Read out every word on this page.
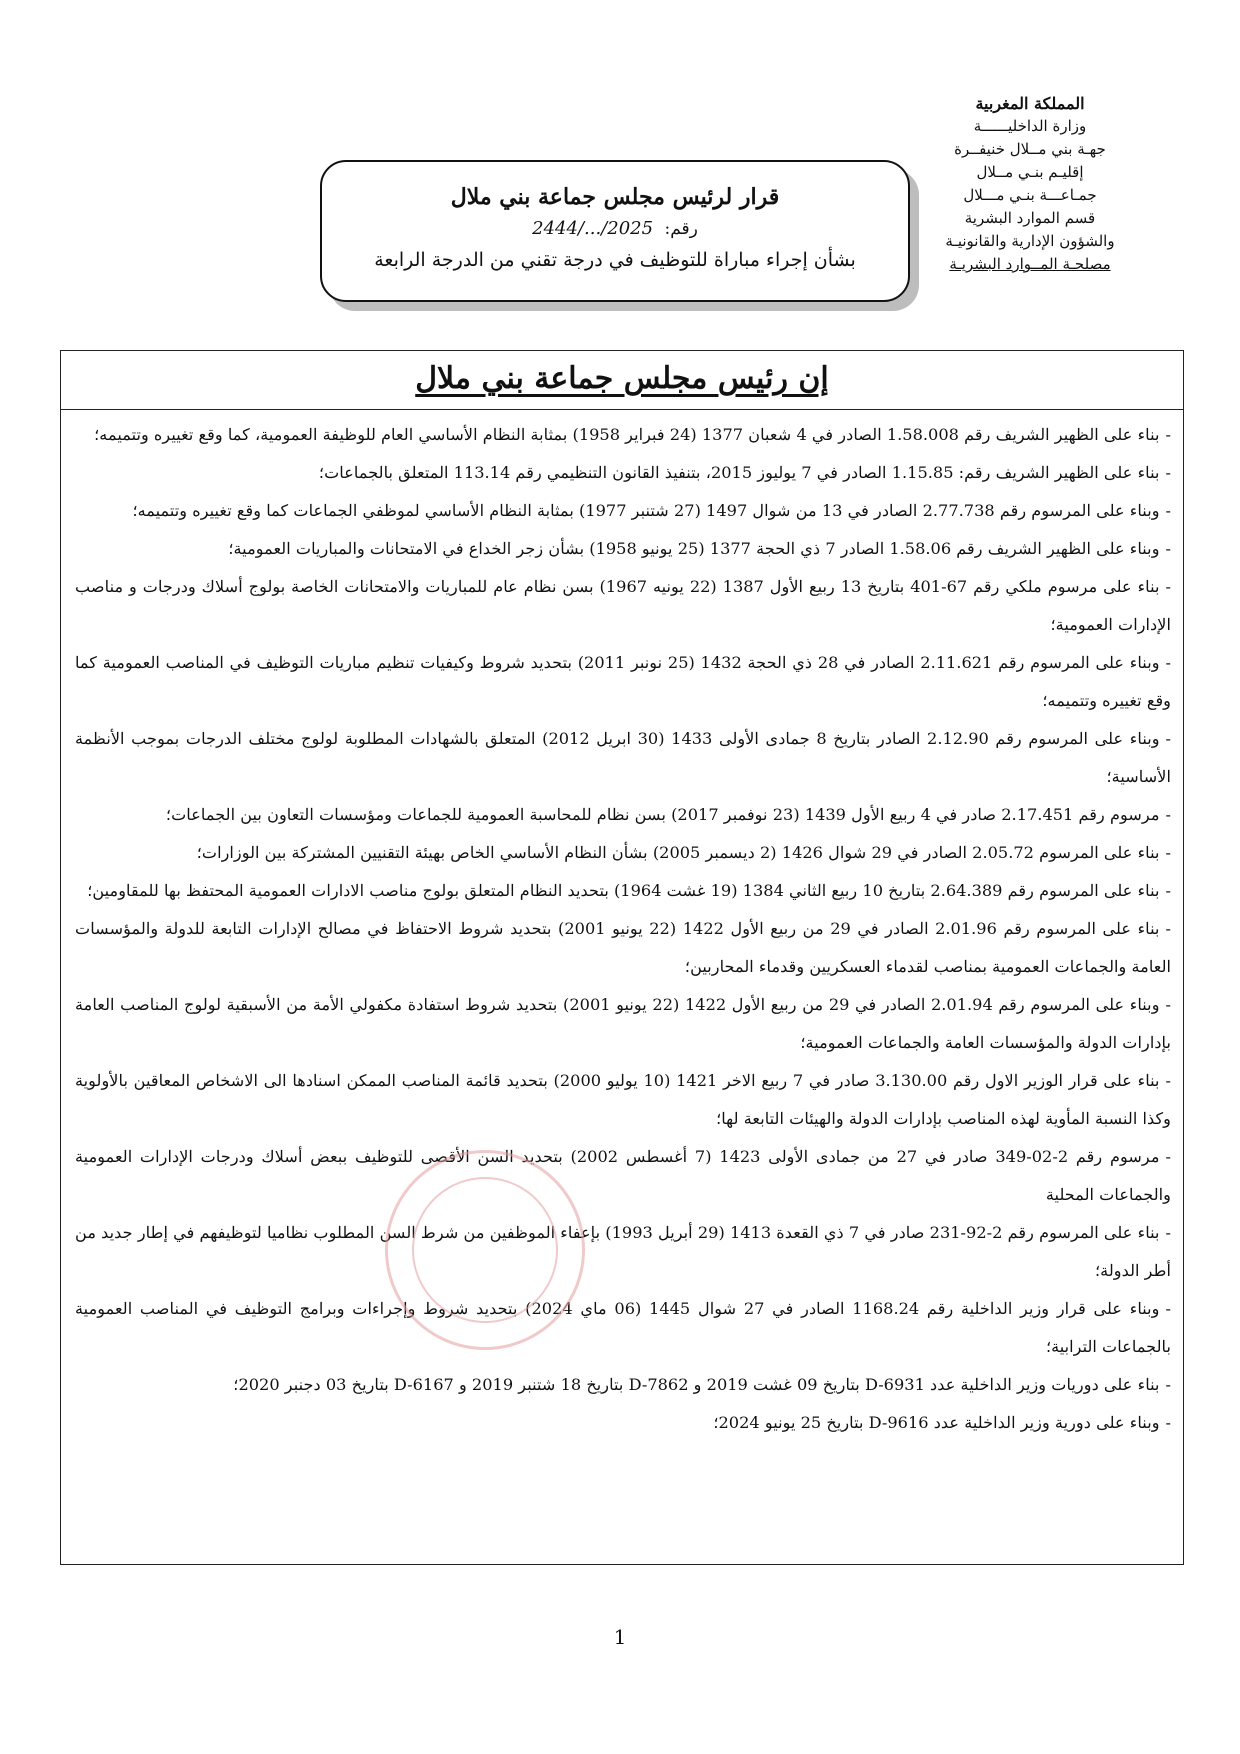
المملكة المغربية
وزارة الداخليــــــة
جهـة بني مــلال خنيفــرة
إقليـم بنـي مــلال
جمـاعـــة بنـي مـــلال
قسم الموارد البشرية
والشؤون الإدارية والقانونيـة
مصلحـة المــوارد البشريـة
قرار لرئيس مجلس جماعة بني ملال
رقم: 2025/.../2444
بشأن إجراء مباراة للتوظيف في درجة تقني من الدرجة الرابعة
إن رئيس مجلس جماعة بني ملال
-بناء على الظهير الشريف رقم 1.58.008 الصادر في 4 شعبان 1377 (24 فبراير 1958) بمثابة النظام الأساسي العام للوظيفة العمومية، كما وقع تغييره وتتميمه؛
-بناء على الظهير الشريف رقم: 1.15.85 الصادر في 7 يوليوز 2015، بتنفيذ القانون التنظيمي رقم 113.14 المتعلق بالجماعات؛
-وبناء على المرسوم رقم 2.77.738 الصادر في 13 من شوال 1497 (27 شتنبر 1977) بمثابة النظام الأساسي لموظفي الجماعات كما وقع تغييره وتتميمه؛
-وبناء على الظهير الشريف رقم 1.58.06 الصادر 7 ذي الحجة 1377 (25 يونيو 1958) بشأن زجر الخداع في الامتحانات والمباريات العمومية؛
-بناء على مرسوم ملكي رقم 67-401 بتاريخ 13 ربيع الأول 1387 (22 يونيه 1967) بسن نظام عام للمباريات والامتحانات الخاصة بولوج أسلاك ودرجات و مناصب الإدارات العمومية؛
-وبناء على المرسوم رقم 2.11.621 الصادر في 28 ذي الحجة 1432 (25 نونبر 2011) بتحديد شروط وكيفيات تنظيم مباريات التوظيف في المناصب العمومية كما وقع تغييره وتتميمه؛
-وبناء على المرسوم رقم 2.12.90 الصادر بتاريخ 8 جمادى الأولى 1433 (30 ابريل 2012) المتعلق بالشهادات المطلوبة لولوج مختلف الدرجات بموجب الأنظمة الأساسية؛
-مرسوم رقم 2.17.451 صادر في 4 ربيع الأول 1439 (23 نوفمبر 2017) بسن نظام للمحاسبة العمومية للجماعات ومؤسسات التعاون بين الجماعات؛
-بناء على المرسوم 2.05.72 الصادر في 29 شوال 1426 (2 ديسمبر 2005) بشأن النظام الأساسي الخاص بهيئة التقنيين المشتركة بين الوزارات؛
-بناء على المرسوم رقم 2.64.389 بتاريخ 10 ربيع الثاني 1384 (19 غشت 1964) بتحديد النظام المتعلق بولوج مناصب الادارات العمومية المحتفظ بها للمقاومين؛
-بناء على المرسوم رقم 2.01.96 الصادر في 29 من ربيع الأول 1422 (22 يونيو 2001) بتحديد شروط الاحتفاظ في مصالح الإدارات التابعة للدولة والمؤسسات العامة والجماعات العمومية بمناصب لقدماء العسكريين وقدماء المحاربين؛
-وبناء على المرسوم رقم 2.01.94 الصادر في 29 من ربيع الأول 1422 (22 يونيو 2001) بتحديد شروط استفادة مكفولي الأمة من الأسبقية لولوج المناصب العامة بإدارات الدولة والمؤسسات العامة والجماعات العمومية؛
-بناء على قرار الوزير الاول رقم 3.130.00 صادر في 7 ربيع الاخر 1421 (10 يوليو 2000) بتحديد قائمة المناصب الممكن اسنادها الى الاشخاص المعاقين بالأولوية وكذا النسبة المأوية لهذه المناصب بإدارات الدولة والهيئات التابعة لها؛
-مرسوم رقم 2-02-349 صادر في 27 من جمادى الأولى 1423 (7 أغسطس 2002) بتحديد السن الأقصى للتوظيف ببعض أسلاك ودرجات الإدارات العمومية والجماعات المحلية
-بناء على المرسوم رقم 2-92-231 صادر في 7 ذي القعدة 1413 (29 أبريل 1993) بإعفاء الموظفين من شرط السن المطلوب نظاميا لتوظيفهم في إطار جديد من أطر الدولة؛
-وبناء على قرار وزير الداخلية رقم 1168.24 الصادر في 27 شوال 1445 (06 ماي 2024) بتحديد شروط وإجراءات وبرامج التوظيف في المناصب العمومية بالجماعات الترابية؛
-بناء على دوريات وزير الداخلية عدد D-6931 بتاريخ 09 غشت 2019 و D-7862 بتاريخ 18 شتنبر 2019 و D-6167 بتاريخ 03 دجنبر 2020؛
-وبناء على دورية وزير الداخلية عدد D-9616 بتاريخ 25 يونيو 2024؛
1
